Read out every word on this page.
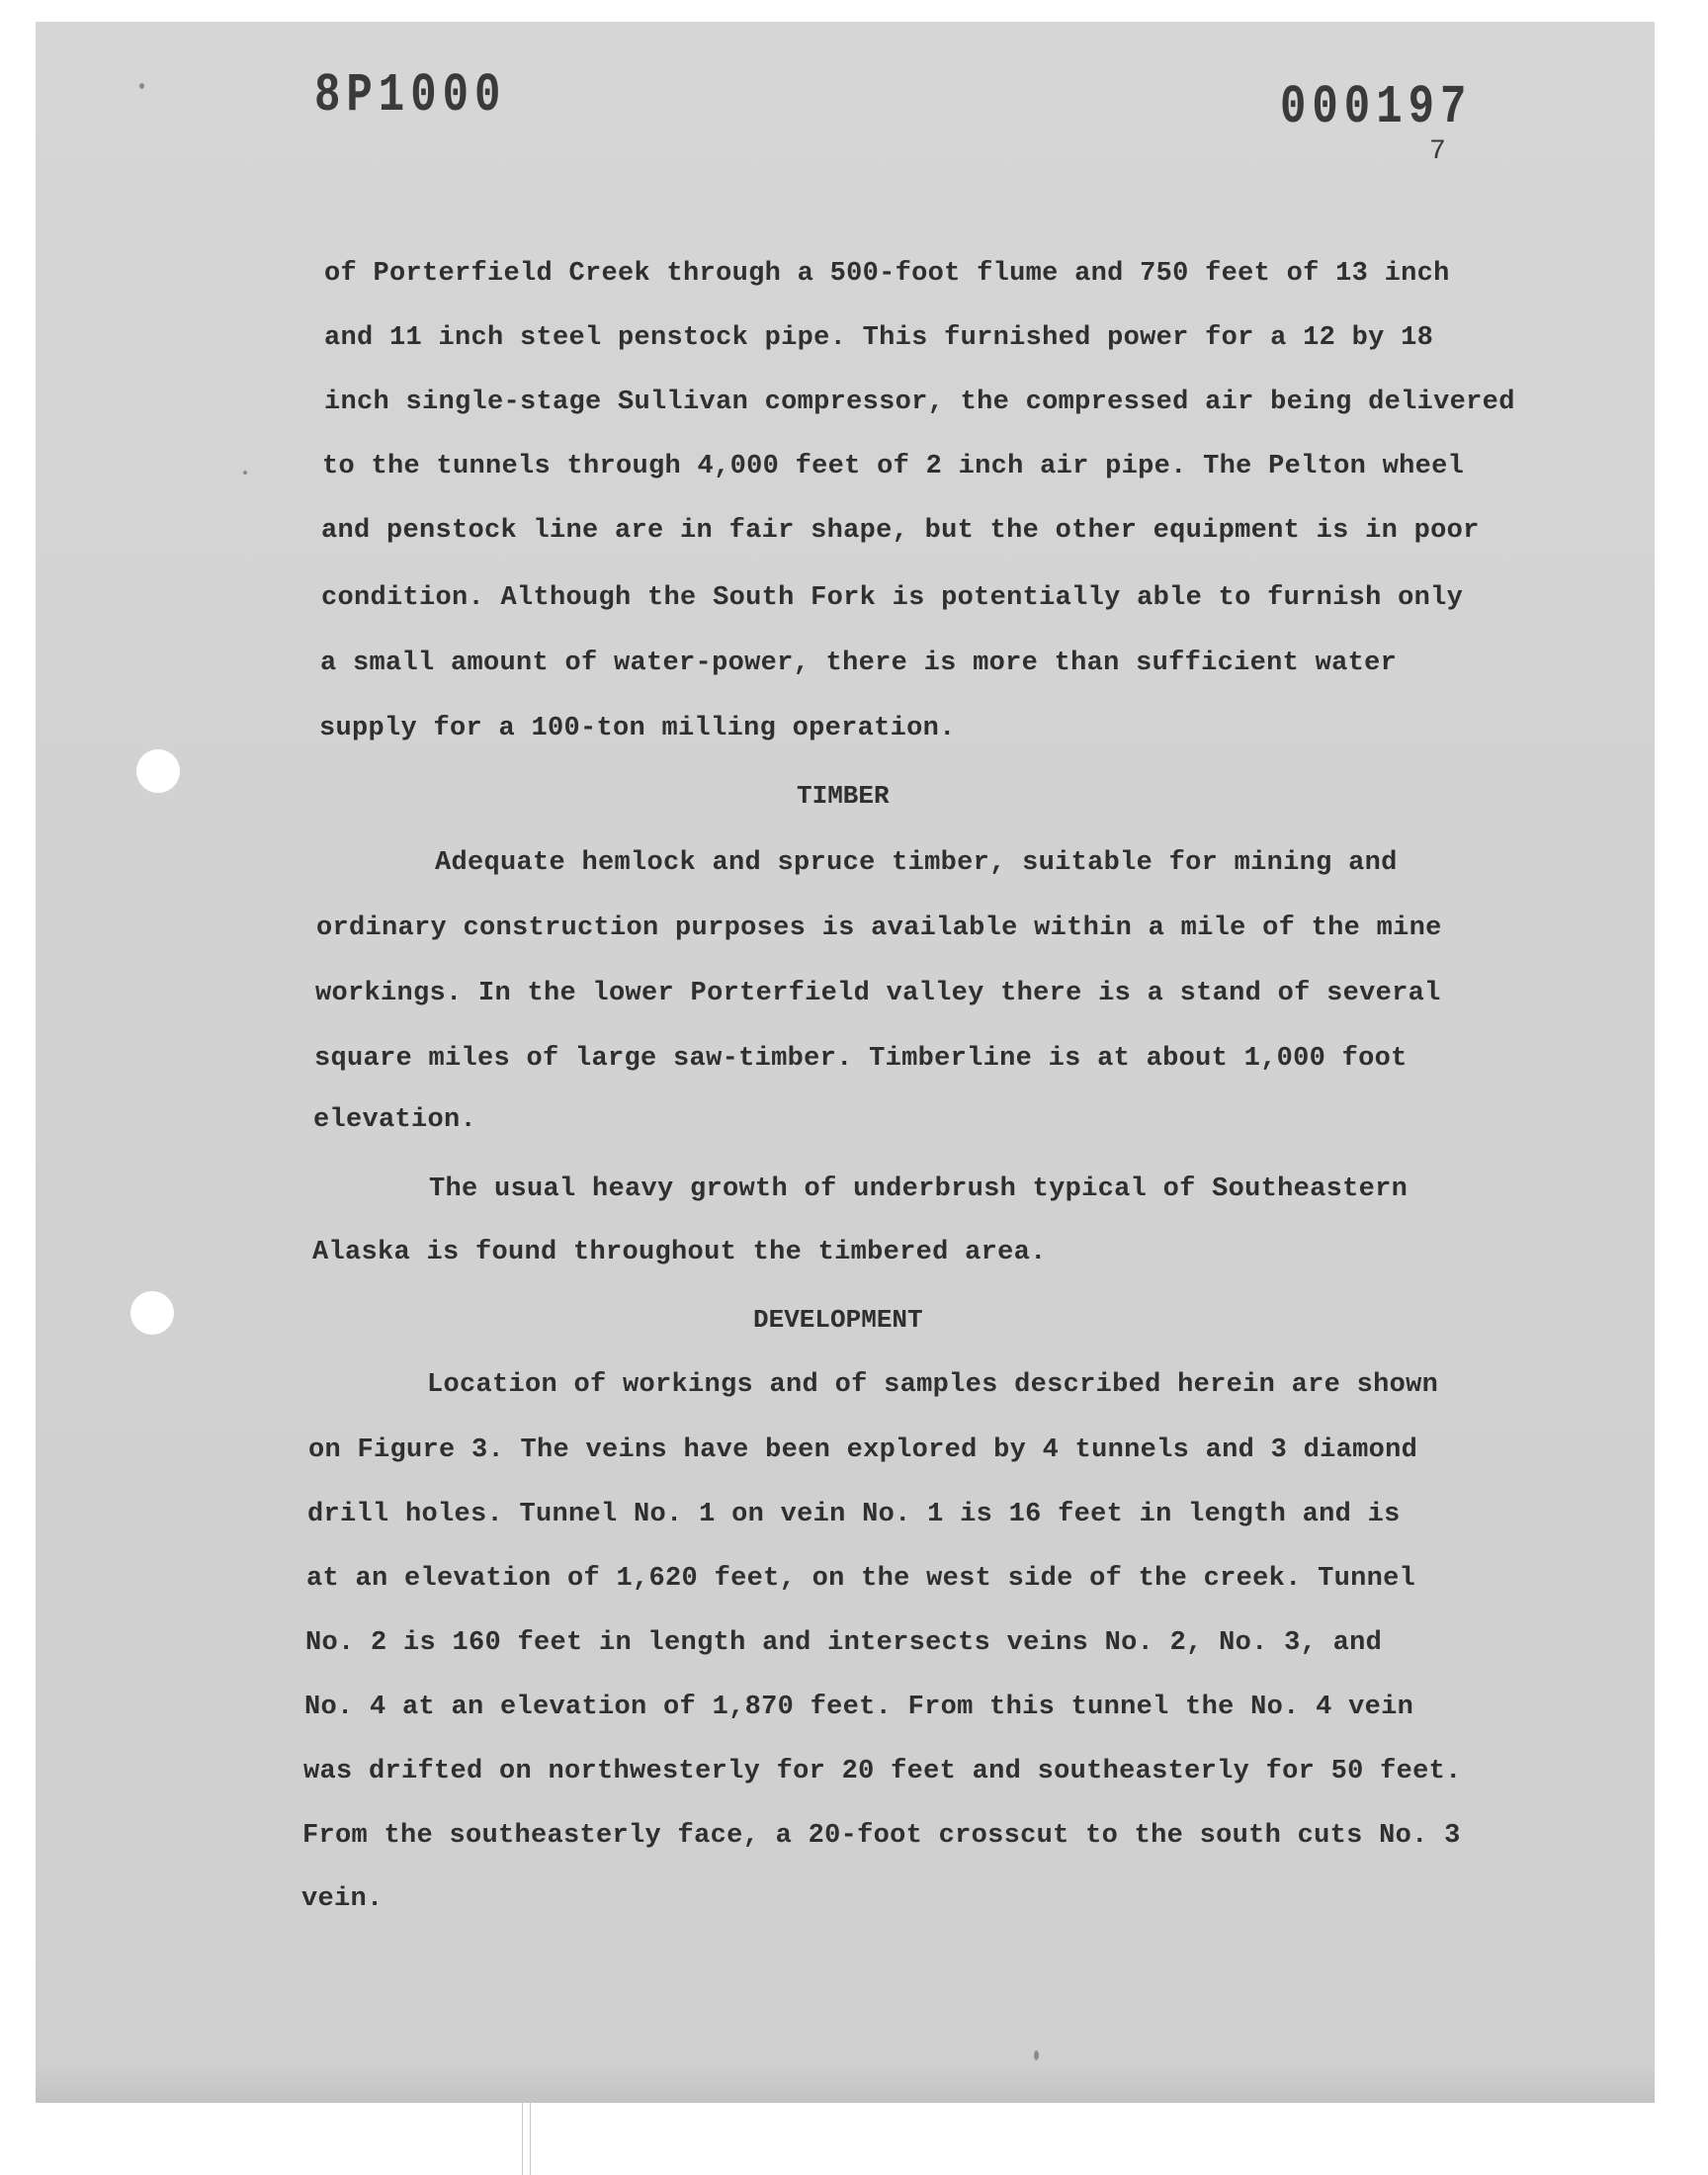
8P1000	000197
7
of Porterfield Creek through a 500-foot flume and 750 feet of 13 inch
and 11 inch steel penstock pipe. This furnished power for a 12 by 18
inch single-stage Sullivan compressor, the compressed air being delivered
to the tunnels through 4,000 feet of 2 inch air pipe. The Pelton wheel
and penstock line are in fair shape, but the other equipment is in poor
condition. Although the South Fork is potentially able to furnish only
a small amount of water-power, there is more than sufficient water
supply for a 100-ton milling operation.
TIMBER
Adequate hemlock and spruce timber, suitable for mining and
ordinary construction purposes is available within a mile of the mine
workings. In the lower Porterfield valley there is a stand of several
square miles of large saw-timber. Timberline is at about 1,000 foot
elevation.
The usual heavy growth of underbrush typical of Southeastern
Alaska is found throughout the timbered area.
DEVELOPMENT
Location of workings and of samples described herein are shown
on Figure 3. The veins have been explored by 4 tunnels and 3 diamond
drill holes. Tunnel No. 1 on vein No. 1 is 16 feet in length and is
at an elevation of 1,620 feet, on the west side of the creek. Tunnel
No. 2 is 160 feet in length and intersects veins No. 2, No. 3, and
No. 4 at an elevation of 1,870 feet. From this tunnel the No. 4 vein
was drifted on northwesterly for 20 feet and southeasterly for 50 feet.
From the southeasterly face, a 20-foot crosscut to the south cuts No. 3
vein.
